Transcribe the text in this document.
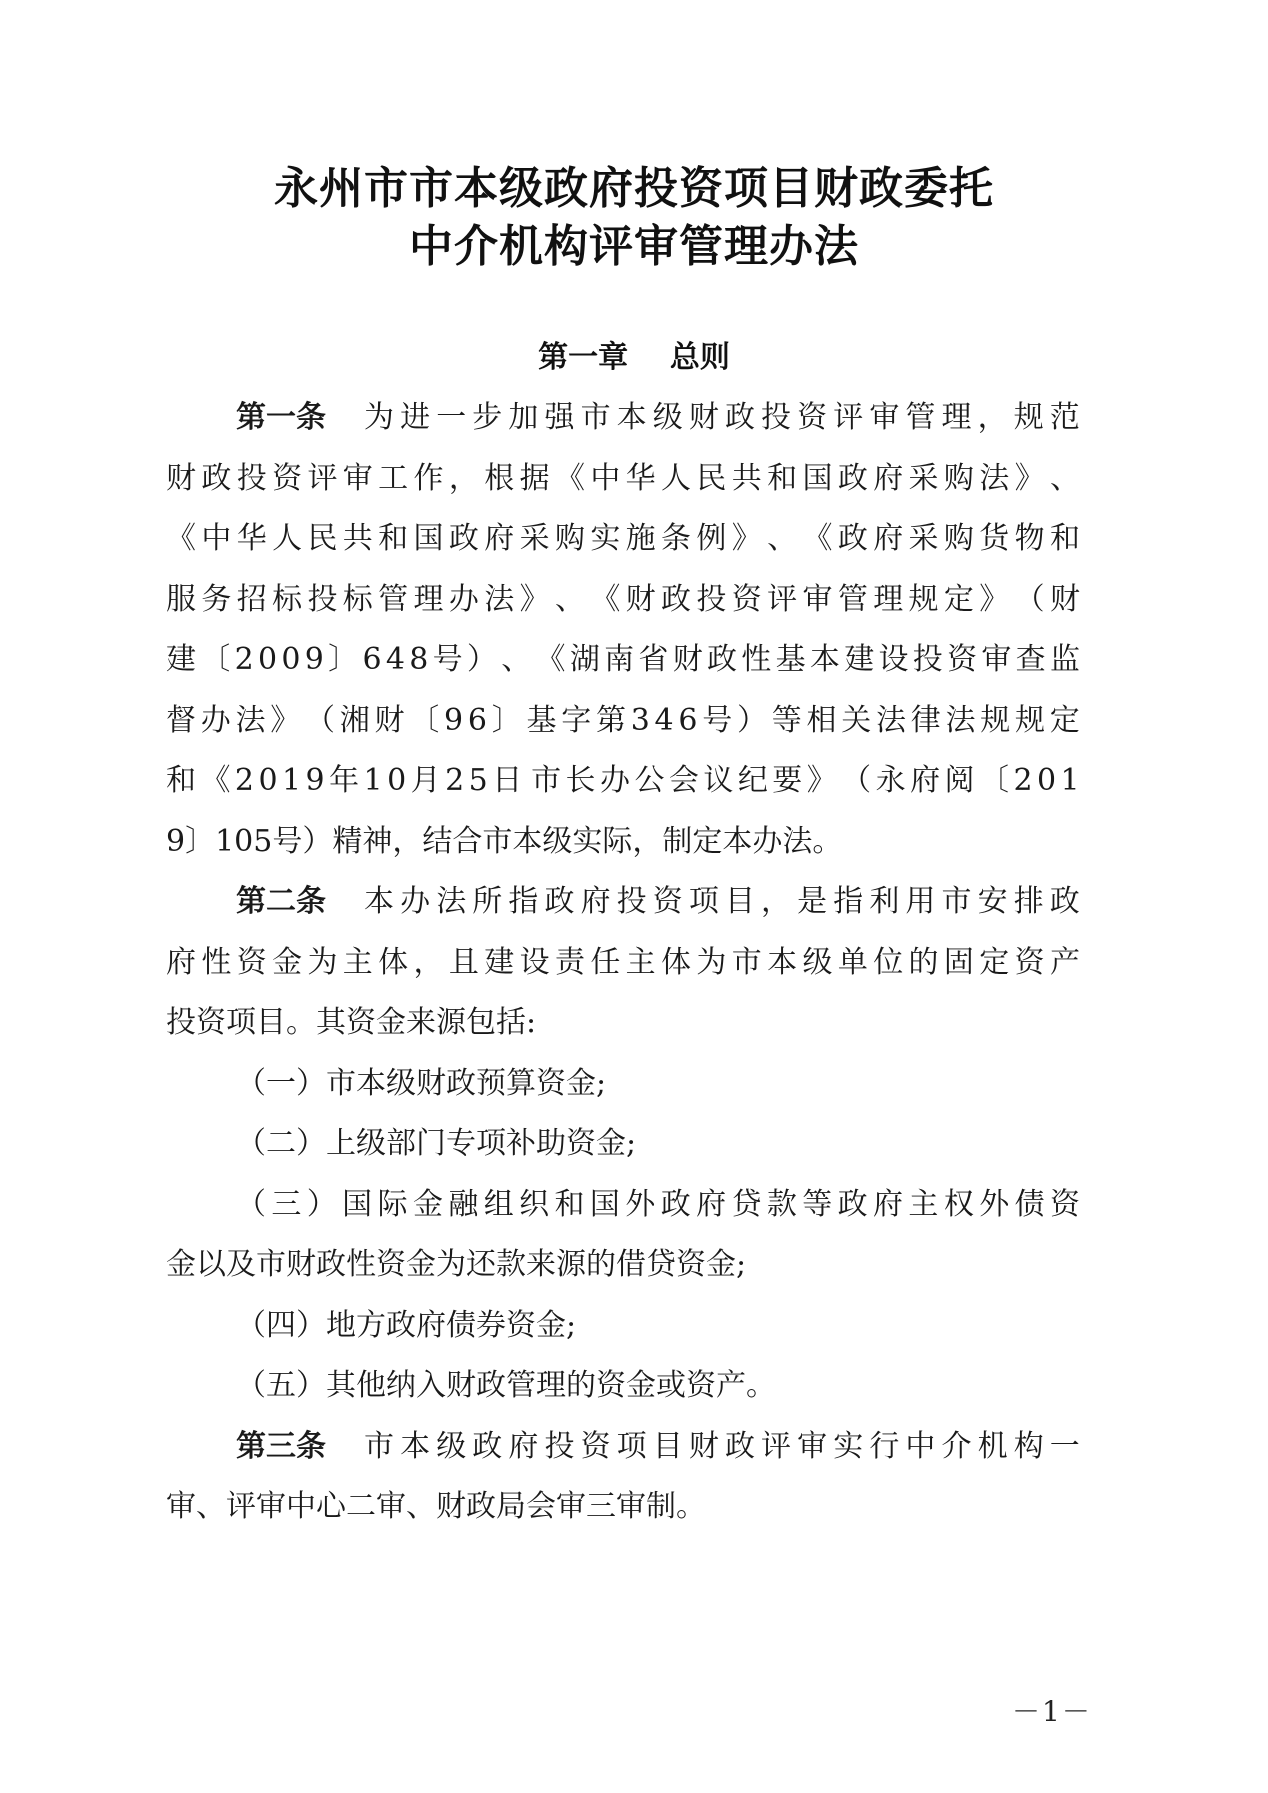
永州市市本级政府投资项目财政委托
中介机构评审管理办法
第一章    总则
第一条 为 进 一 步 加 强 市 本 级 财 政 投 资 评 审 管 理 ， 规 范
财 政 投 资 评 审 工 作 ， 根 据 《 中 华 人 民 共 和 国 政 府 采 购 法 》 、
《 中 华 人 民 共 和 国 政 府 采 购 实 施 条 例 》 、 《 政 府 采 购 货 物 和
服 务 招 标 投 标 管 理 办 法 》 、 《 财 政 投 资 评 审 管 理 规 定 》 （ 财
建 〔 2 0 0 9 〕 6 4 8 号 ） 、 《 湖 南 省 财 政 性 基 本 建 设 投 资 审 查 监
督 办 法 》 （ 湘 财 〔 9 6 〕 基 字 第 3 4 6 号 ） 等 相 关 法 律 法 规 规 定
和 《 2 0 1 9 年 1 0 月 2 5 日 市 长 办 公 会 议 纪 要 》 （ 永 府 阅 〔 2 0 1
9〕105号）精神，结合市本级实际，制定本办法。
第二条 本 办 法 所 指 政 府 投 资 项 目 ， 是 指 利 用 市 安 排 政
府 性 资 金 为 主 体 ， 且 建 设 责 任 主 体 为 市 本 级 单 位 的 固 定 资 产
投资项目。其资金来源包括:
（一）市本级财政预算资金;
（二）上级部门专项补助资金;
（ 三 ） 国 际 金 融 组 织 和 国 外 政 府 贷 款 等 政 府 主 权 外 债 资
金以及市财政性资金为还款来源的借贷资金;
（四）地方政府债券资金;
（五）其他纳入财政管理的资金或资产。
第三条 市 本 级 政 府 投 资 项 目 财 政 评 审 实 行 中 介 机 构 一
审、评审中心二审、财政局会审三审制。
－1－
